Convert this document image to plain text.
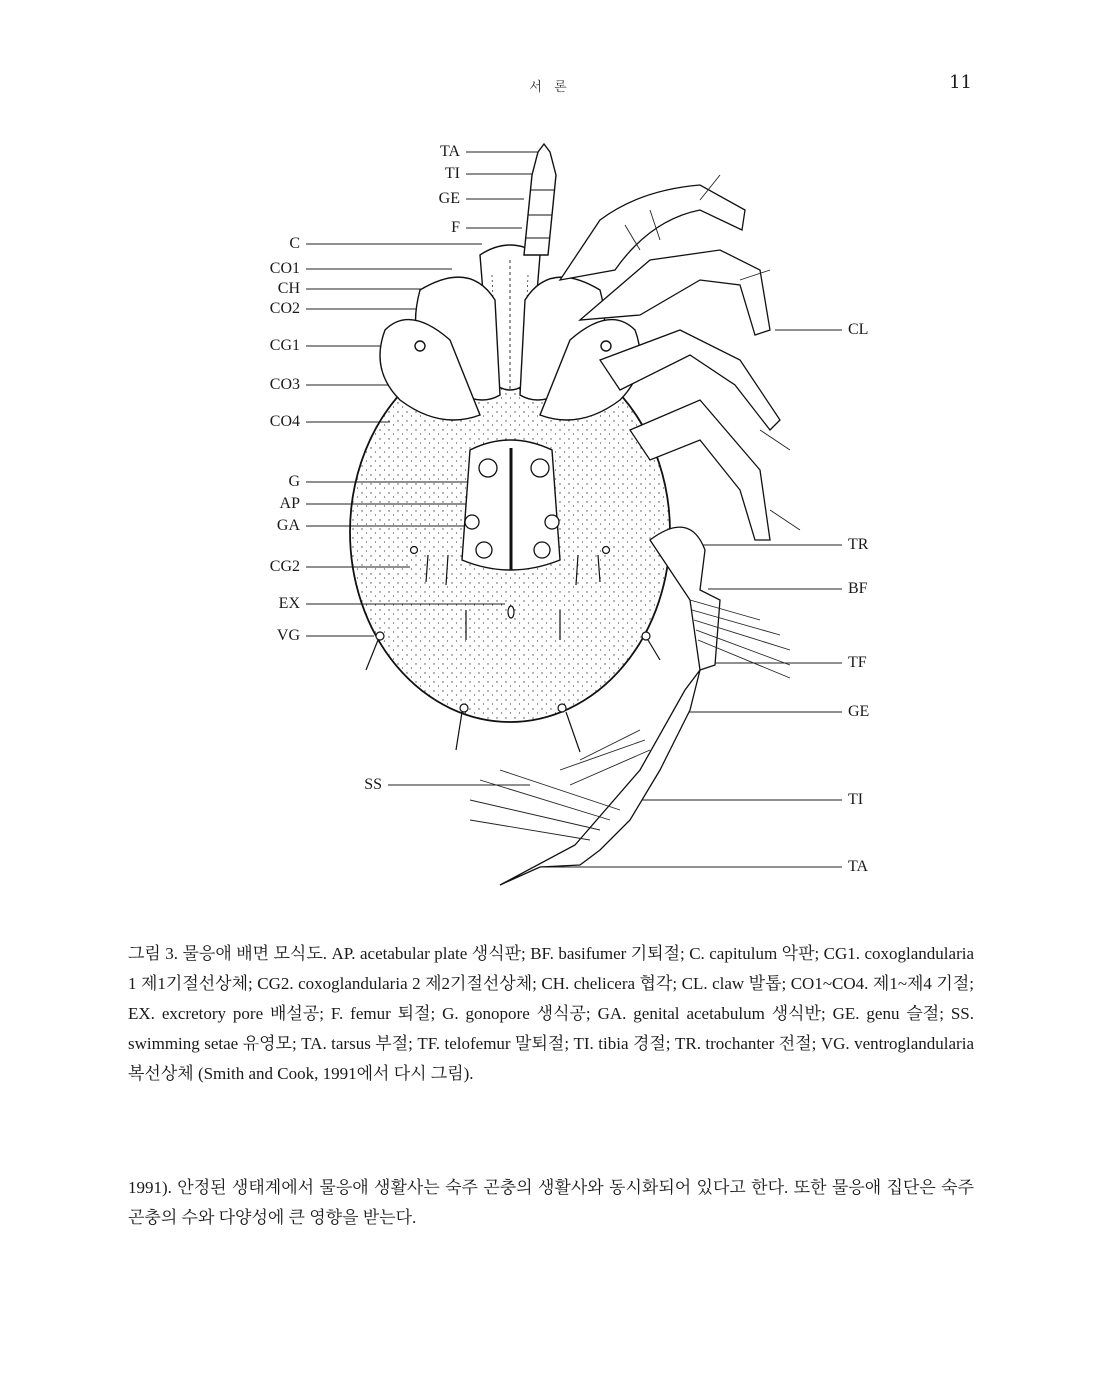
서 론	11
TA
TI
GE
F
C
CO1
CH
CO2
CG1
CO3
CO4
G
AP
GA
CG2
EX
VG
SS
CL
TR
BF
TF
GE
TI
TA

그림 3. 물응애 배면 모식도. AP. acetabular plate 생식판; BF. basifumer 기퇴절; C. capitulum 악판; CG1. coxoglandularia 1 제1기절선상체; CG2. coxoglandularia 2 제2기절선상체; CH. chelicera 협각; CL. claw 발톱; CO1~CO4. 제1~제4 기절; EX. excretory pore 배설공; F. femur 퇴절; G. gonopore 생식공; GA. genital acetabulum 생식반; GE. genu 슬절; SS. swimming setae 유영모; TA. tarsus 부절; TF. telofemur 말퇴절; TI. tibia 경절; TR. trochanter 전절; VG. ventroglandularia 복선상체 (Smith and Cook, 1991에서 다시 그림).

1991). 안정된 생태계에서 물응애 생활사는 숙주 곤충의 생활사와 동시화되어 있다고 한다. 또한 물응애 집단은 숙주 곤충의 수와 다양성에 큰 영향을 받는다.
